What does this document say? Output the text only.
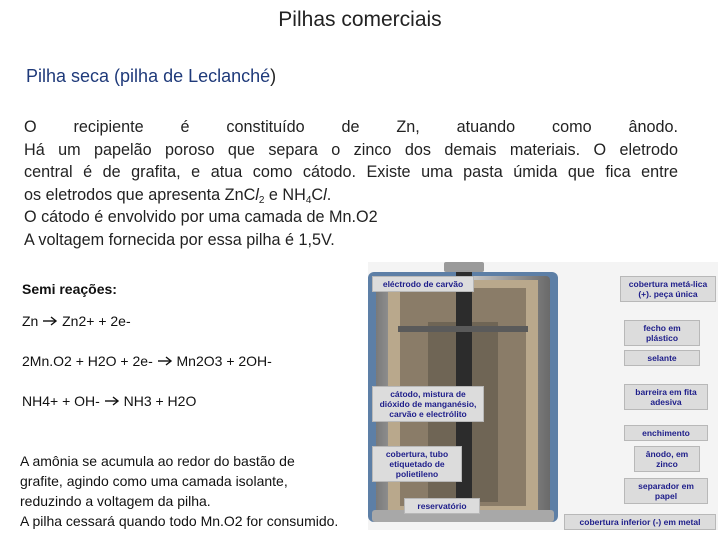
Pilhas comerciais
Pilha seca (pilha de Leclanché)
O recipiente é constituído de Zn, atuando como ânodo.
Há um papelão poroso que separa o zinco dos demais materiais. O eletrodo
central é de grafita, e atua como cátodo. Existe uma pasta úmida que fica entre
os eletrodos que apresenta ZnCl$_2$ e $NH_4Cl$.
O cátodo é envolvido por uma camada de Mn.O2
A voltagem fornecida por essa pilha é 1,5V.
Semi reações:
Zn Zn2+ + 2e-
2Mn.O2 + H2O + 2e- Mn2O3 + 2OH-
NH4+ + OH- NH3 + H2O
eléctrodo de carvão	cobertura metá-lica (+). peça única
fecho em plástico
selante
cátodo, mistura de dióxido de manganésio, carvão e electrólito
barreira em fita adesiva
enchimento
cobertura, tubo etiquetado de polietileno
ânodo, em zinco
separador em papel
reservatório
cobertura inferior (-) em metal
A amônia se acumula ao redor do bastão de
grafite, agindo como uma camada isolante,
reduzindo a voltagem da pilha.
A pilha cessará quando todo Mn.O2 for consumido.
